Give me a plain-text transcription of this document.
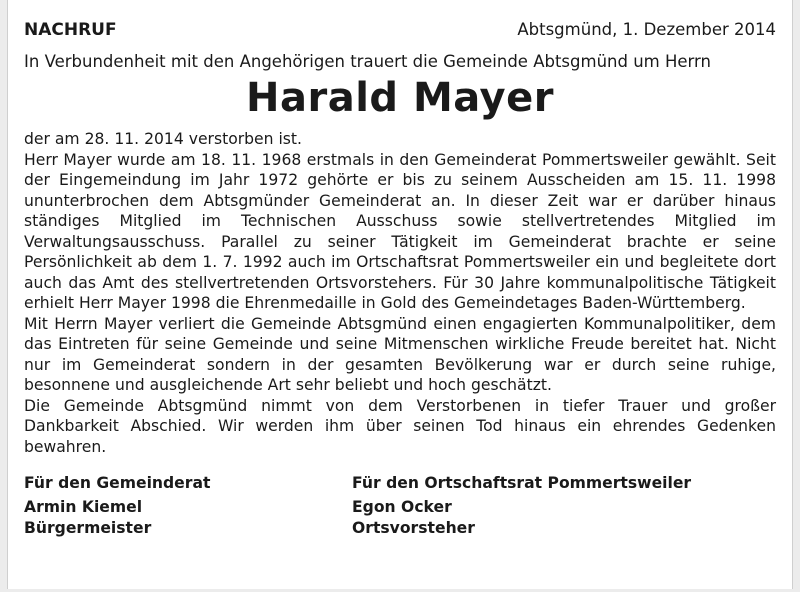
NACHRUF	Abtsgmünd, 1. Dezember 2014
In Verbundenheit mit den Angehörigen trauert die Gemeinde Abtsgmünd um Herrn
Harald Mayer

der am 28. 11. 2014 verstorben ist.

Herr Mayer wurde am 18. 11. 1968 erstmals in den Gemeinderat Pommertsweiler gewählt. Seit der Eingemeindung im Jahr 1972 gehörte er bis zu seinem Ausscheiden am 15. 11. 1998 ununterbrochen dem Abtsgmünder Gemeinderat an. In dieser Zeit war er darüber hinaus ständiges Mitglied im Technischen Ausschuss sowie stellvertretendes Mitglied im Verwaltungsausschuss. Parallel zu seiner Tätigkeit im Gemeinderat brachte er seine Persönlichkeit ab dem 1. 7. 1992 auch im Ortschaftsrat Pommertsweiler ein und begleitete dort auch das Amt des stellvertretenden Ortsvorstehers. Für 30 Jahre kommunalpolitische Tätigkeit erhielt Herr Mayer 1998 die Ehrenmedaille in Gold des Gemeindetages Baden-Württemberg.

Mit Herrn Mayer verliert die Gemeinde Abtsgmünd einen engagierten Kommunalpolitiker, dem das Eintreten für seine Gemeinde und seine Mitmenschen wirkliche Freude bereitet hat. Nicht nur im Gemeinderat sondern in der gesamten Bevölkerung war er durch seine ruhige, besonnene und ausgleichende Art sehr beliebt und hoch geschätzt.

Die Gemeinde Abtsgmünd nimmt von dem Verstorbenen in tiefer Trauer und großer Dankbarkeit Abschied. Wir werden ihm über seinen Tod hinaus ein ehrendes Gedenken bewahren.

Für den Gemeinderat
Armin Kiemel
Bürgermeister
Für den Ortschaftsrat Pommertsweiler
Egon Ocker
Ortsvorsteher
